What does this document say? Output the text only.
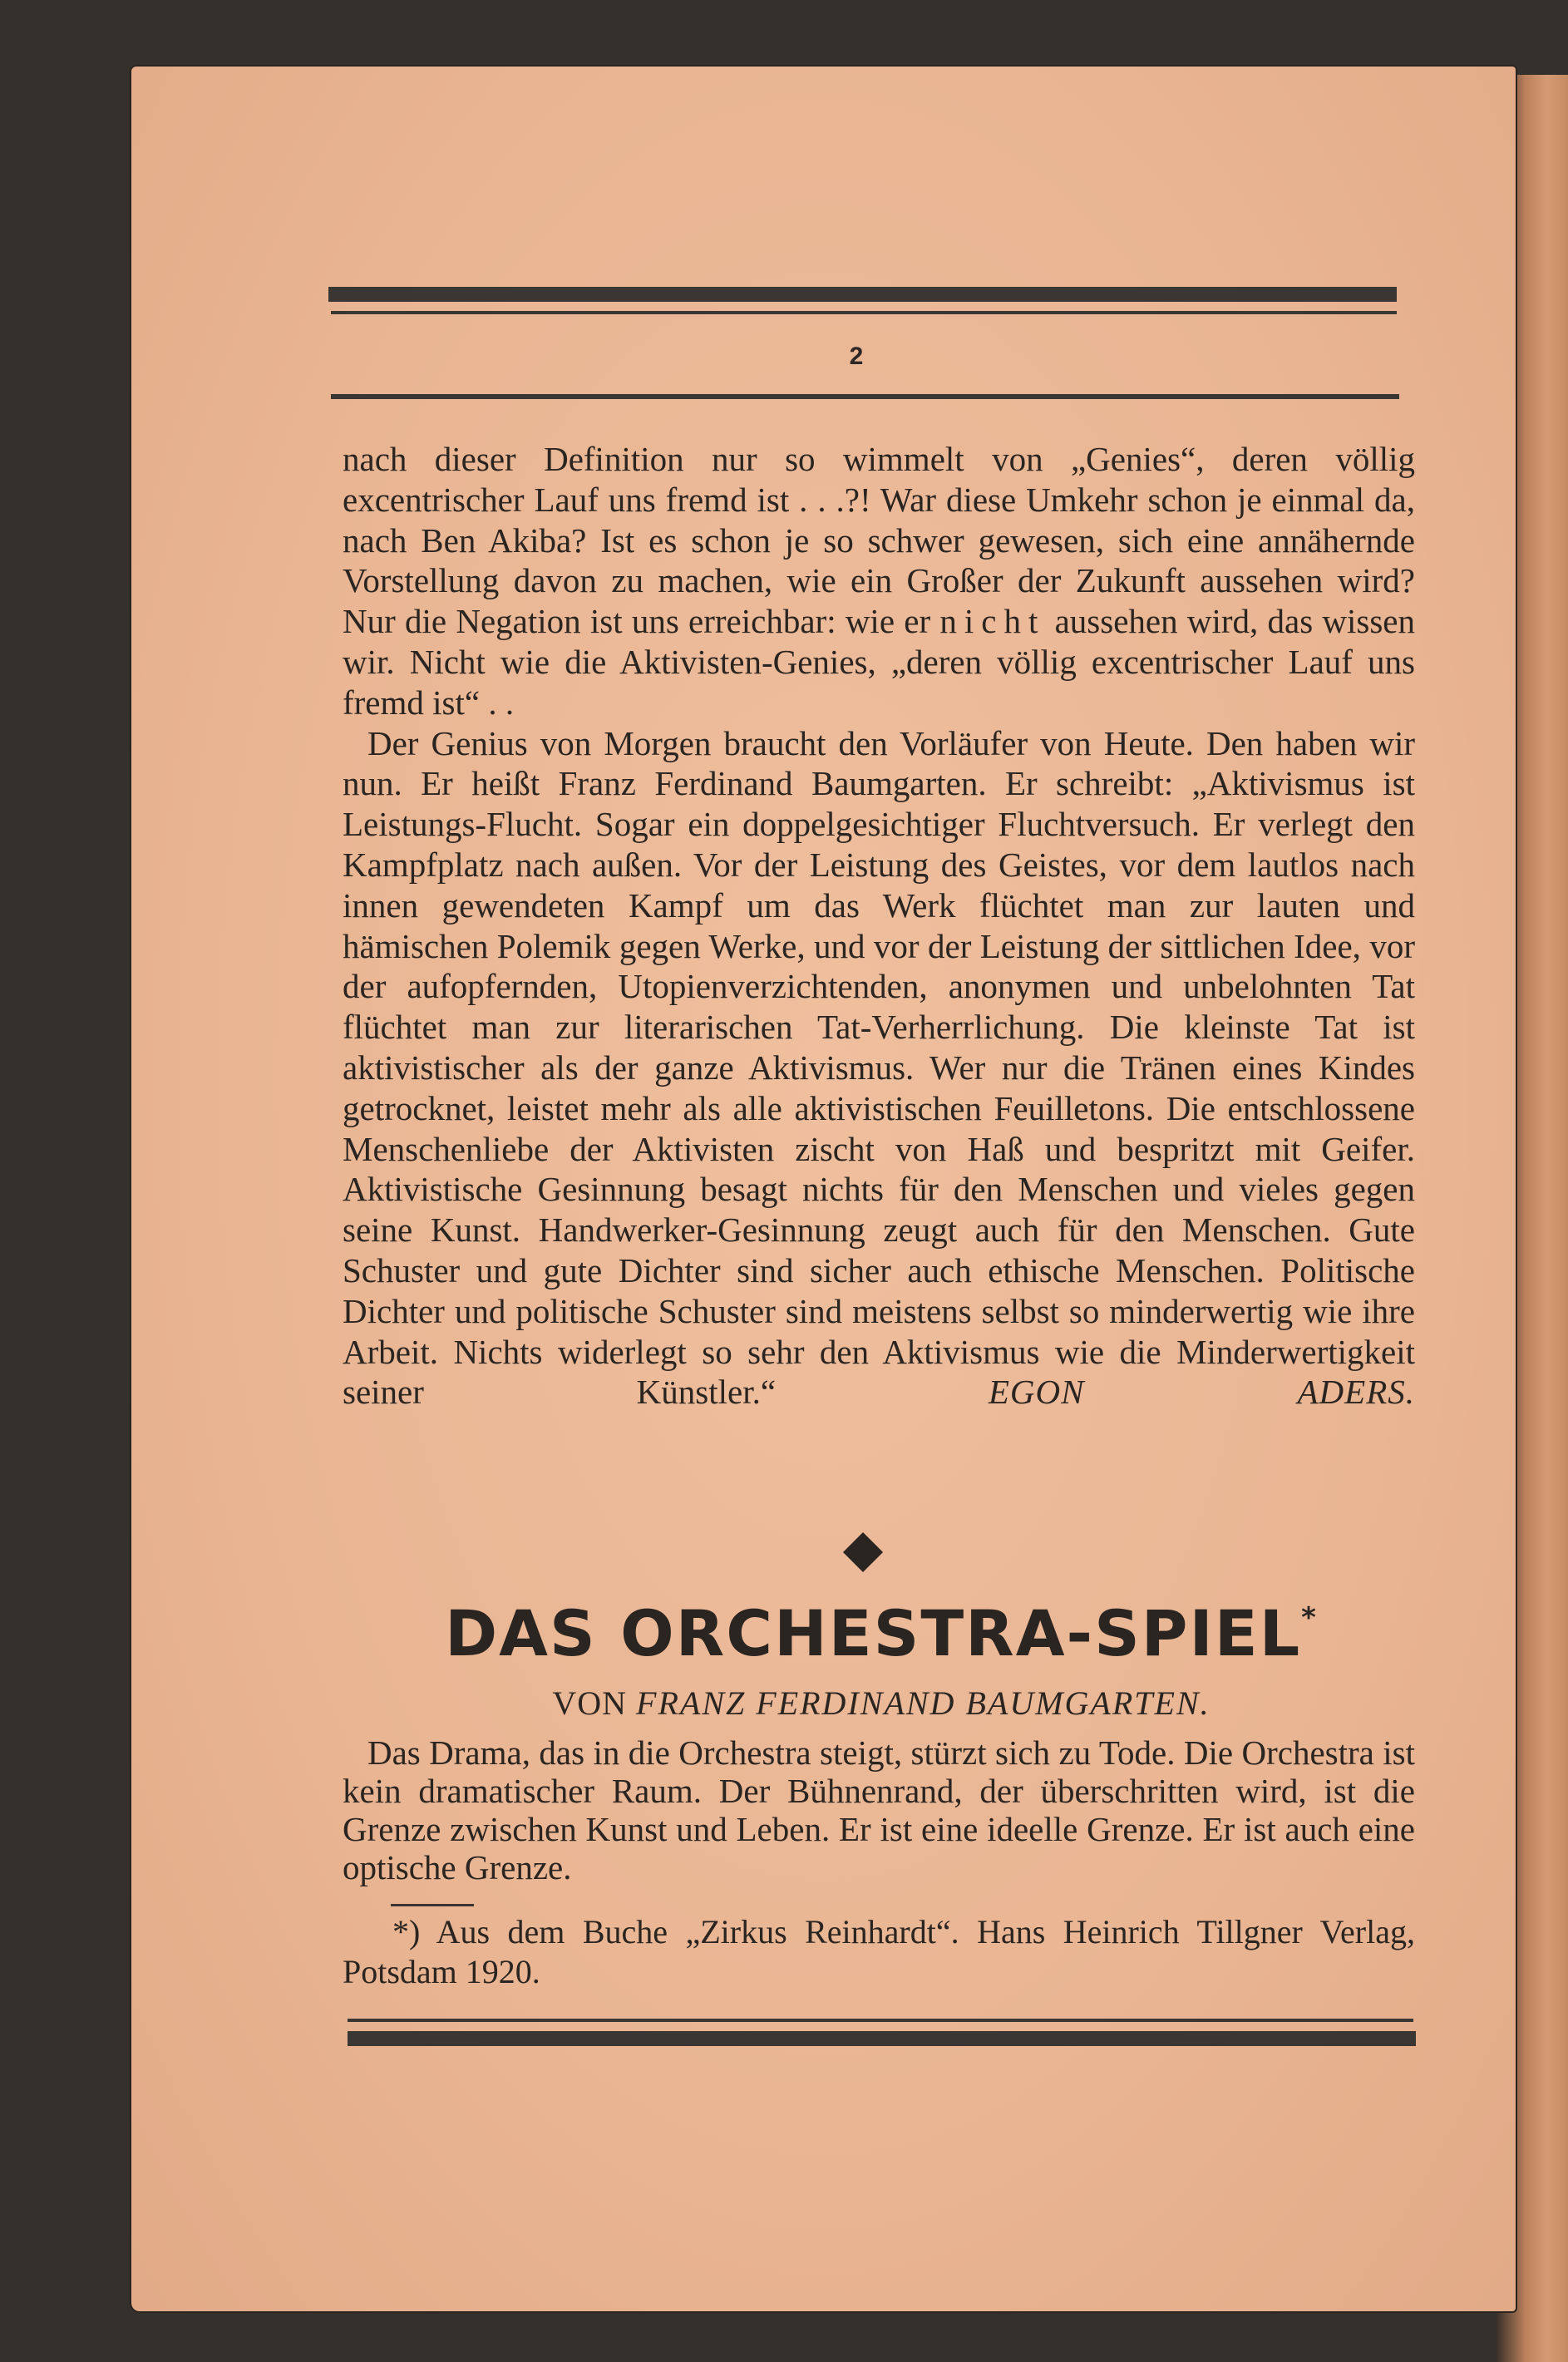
2

nach dieser Definition nur so wimmelt von „Genies“, deren völlig excentrischer Lauf uns fremd ist . . .?! War diese Umkehr schon je einmal da, nach Ben Akiba? Ist es schon je so schwer gewesen, sich eine annähernde Vorstellung davon zu machen, wie ein Großer der Zukunft aussehen wird? Nur die Negation ist uns erreichbar: wie er nicht aussehen wird, das wissen wir. Nicht wie die Aktivisten-Genies, „deren völlig excentrischer Lauf uns fremd ist“ . .

Der Genius von Morgen braucht den Vorläufer von Heute. Den haben wir nun. Er heißt Franz Ferdinand Baumgarten. Er schreibt: „Aktivismus ist Leistungs-Flucht. Sogar ein doppelgesichtiger Fluchtversuch. Er verlegt den Kampfplatz nach außen. Vor der Leistung des Geistes, vor dem lautlos nach innen gewendeten Kampf um das Werk flüchtet man zur lauten und hämischen Polemik gegen Werke, und vor der Leistung der sittlichen Idee, vor der aufopfernden, Utopienverzichtenden, anonymen und unbelohnten Tat flüchtet man zur literarischen Tat-Verherrlichung. Die kleinste Tat ist aktivistischer als der ganze Aktivismus. Wer nur die Tränen eines Kindes getrocknet, leistet mehr als alle aktivistischen Feuilletons. Die entschlossene Menschenliebe der Aktivisten zischt von Haß und bespritzt mit Geifer. Aktivistische Gesinnung besagt nichts für den Menschen und vieles gegen seine Kunst. Handwerker-Gesinnung zeugt auch für den Menschen. Gute Schuster und gute Dichter sind sicher auch ethische Menschen. Politische Dichter und politische Schuster sind meistens selbst so minderwertig wie ihre Arbeit. Nichts widerlegt so sehr den Aktivismus wie die Minderwertigkeit seiner Künstler.“	EGON ADERS.

DAS ORCHESTRA-SPIEL*
VON FRANZ FERDINAND BAUMGARTEN.

Das Drama, das in die Orchestra steigt, stürzt sich zu Tode. Die Orchestra ist kein dramatischer Raum. Der Bühnenrand, der überschritten wird, ist die Grenze zwischen Kunst und Leben. Er ist eine ideelle Grenze. Er ist auch eine optische Grenze.

*) Aus dem Buche „Zirkus Reinhardt“. Hans Heinrich Tillgner Verlag, Potsdam 1920.
